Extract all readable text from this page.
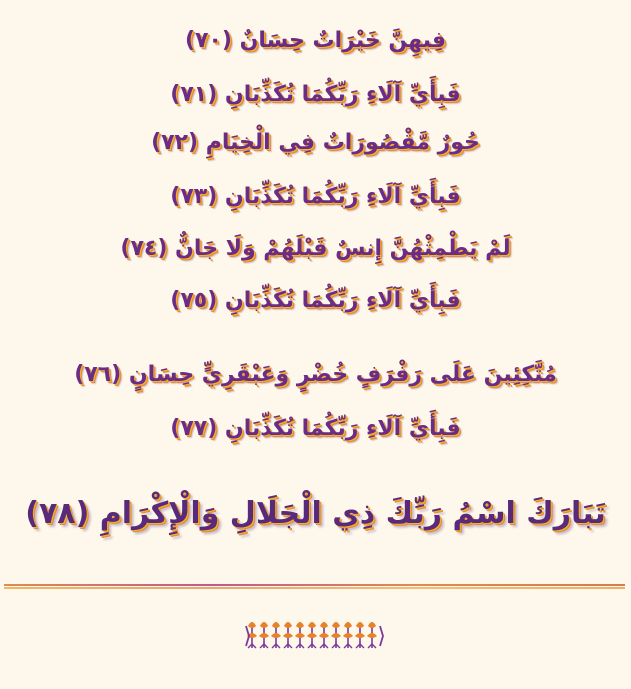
فِيهِنَّ خَيْرَاتٌ حِسَانٌ (٧٠)
فَبِأَيِّ آلَاءِ رَبِّكُمَا تُكَذِّبَانِ (٧١)
حُورٌ مَّقْصُورَاتٌ فِي الْخِيَامِ (٧٢)
فَبِأَيِّ آلَاءِ رَبِّكُمَا تُكَذِّبَانِ (٧٣)
لَمْ يَطْمِثْهُنَّ إِنسٌ قَبْلَهُمْ وَلَا جَانٌّ (٧٤)
فَبِأَيِّ آلَاءِ رَبِّكُمَا تُكَذِّبَانِ (٧٥)
مُتَّكِئِينَ عَلَى رَفْرَفٍ خُضْرٍ وَعَبْقَرِيٍّ حِسَانٍ (٧٦)
فَبِأَيِّ آلَاءِ رَبِّكُمَا تُكَذِّبَانِ (٧٧)
تَبَارَكَ اسْمُ رَبِّكَ ذِي الْجَلَالِ وَالْإِكْرَامِ (٧٨)
